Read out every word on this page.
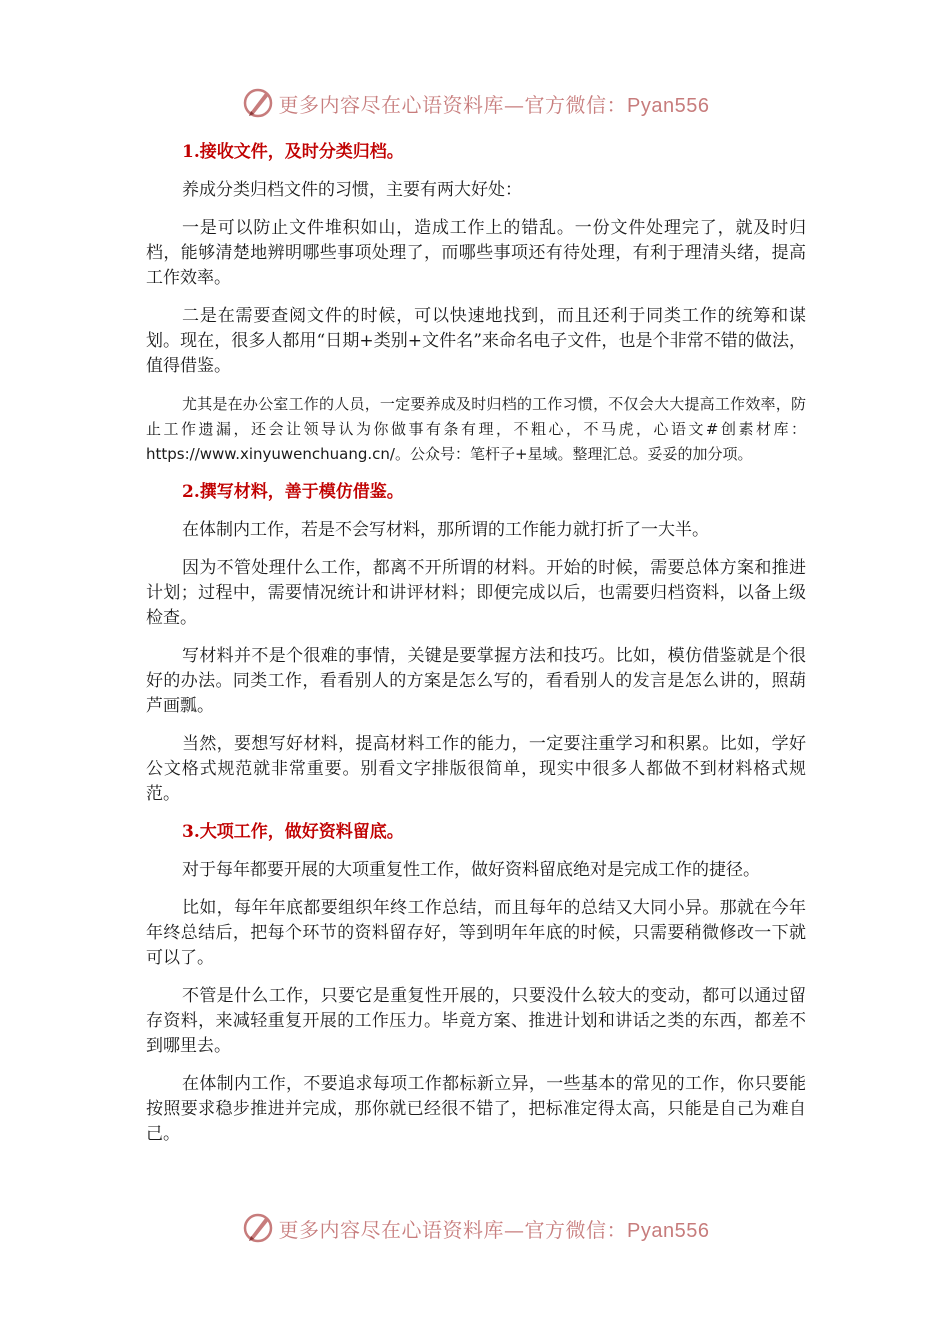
更多内容尽在心语资料库—官方微信：Pyan556
1.接收文件，及时分类归档。

养成分类归档文件的习惯，主要有两大好处：

一是可以防止文件堆积如山，造成工作上的错乱。一份文件处理完了，就及时归档，能够清楚地辨明哪些事项处理了，而哪些事项还有待处理，有利于理清头绪，提高工作效率。

二是在需要查阅文件的时候，可以快速地找到，而且还利于同类工作的统筹和谋划。现在，很多人都用“日期+类别+文件名”来命名电子文件，也是个非常不错的做法，值得借鉴。

尤其是在办公室工作的人员，一定要养成及时归档的工作习惯，不仅会大大提高工作效率，防止工作遗漏，还会让领导认为你做事有条有理，不粗心，不马虎，心语文#创素材库：https://www.xinyuwenchuang.cn/。公众号：笔杆子+星域。整理汇总。妥妥的加分项。

2.撰写材料，善于模仿借鉴。

在体制内工作，若是不会写材料，那所谓的工作能力就打折了一大半。

因为不管处理什么工作，都离不开所谓的材料。开始的时候，需要总体方案和推进计划；过程中，需要情况统计和讲评材料；即便完成以后，也需要归档资料，以备上级检查。

写材料并不是个很难的事情，关键是要掌握方法和技巧。比如，模仿借鉴就是个很好的办法。同类工作，看看别人的方案是怎么写的，看看别人的发言是怎么讲的，照葫芦画瓢。

当然，要想写好材料，提高材料工作的能力，一定要注重学习和积累。比如，学好公文格式规范就非常重要。别看文字排版很简单，现实中很多人都做不到材料格式规范。

3.大项工作，做好资料留底。

对于每年都要开展的大项重复性工作，做好资料留底绝对是完成工作的捷径。

比如，每年年底都要组织年终工作总结，而且每年的总结又大同小异。那就在今年年终总结后，把每个环节的资料留存好，等到明年年底的时候，只需要稍微修改一下就可以了。

不管是什么工作，只要它是重复性开展的，只要没什么较大的变动，都可以通过留存资料，来减轻重复开展的工作压力。毕竟方案、推进计划和讲话之类的东西，都差不到哪里去。

在体制内工作，不要追求每项工作都标新立异，一些基本的常见的工作，你只要能按照要求稳步推进并完成，那你就已经很不错了，把标准定得太高，只能是自己为难自己。

更多内容尽在心语资料库—官方微信：Pyan556
